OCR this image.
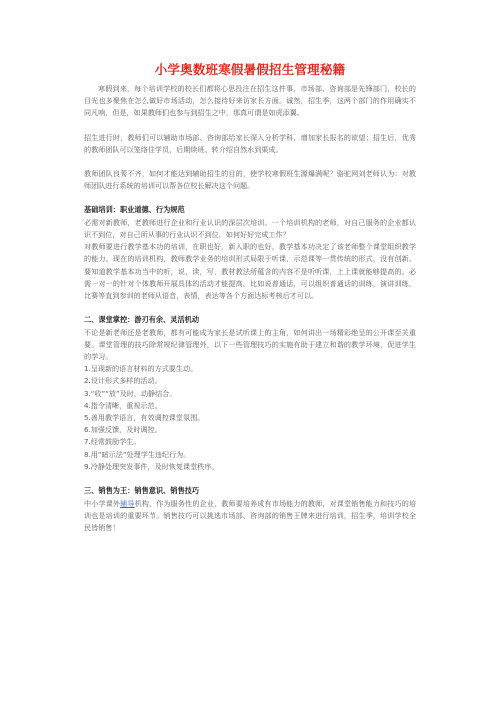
小学奥数班寒假暑假招生管理秘籍

寒假到来，每个培训学校的校长们都将心思投注在招生这件事，市场部、咨询部是先锋部门，校长的目光也多聚焦在怎么做好市场活动，怎么接待好来访家长方面。诚然，招生季，这两个部门的作用确实不同凡响，但是，如果教师们也参与到招生之中，那真可谓是如虎添翼。

招生进行时，教师们可以辅助市场部、咨询部给家长深入分析学科，增加家长报名的欲望；招生后，优秀的教师团队可以笼络住学员，后期续班、转介绍自然水到渠成。

教师团队良莠不齐，如何才能达到辅助招生的目的，使学校寒假班生源爆满呢？骆驼网刘老师认为：对教师团队进行系统的培训可以帮各位校长解决这个问题。

基础培训：职业道德、行为规范

必需对新教师，老教师进行企业和行业认识的深层次培训。一个培训机构的老师，对自己服务的企业都认识不到位，对自己所从事的行业认识不到位，如何好好完成工作？

对教师要进行教学基本功的培训，在职也好，新入职的也好，教学基本功决定了该老师整个课堂组织教学的能力。现在的培训机构，教师教学业务的培训形式局限于听课，示范课等一贯传统的形式，没有创新。要知道教学基本功当中的听，说，读，写，教材教法所蕴含的内容不是听听课，上上课就能够提高的。必需一对一的针对个体教师开展具体的活动才能提高。比如说普通话，可以组织普通话的训练，演讲训练，比赛等直到参训的老师从语音，表情，表达等各个方面达标考核后才可以。

二、课堂掌控：游刃有余、灵活机动

不论是新老师还是老教师，都有可能成为家长是试听课上的主角，如何讲出一场精彩绝呈的公开课至关重要。课堂管理的技巧除常规纪律管理外，以下一些管理技巧的实施有助于建立和谐的教学环境，促进学生的学习。

1.呈现新的语言材料的方式要生动。
2.设计形式多样的活动。
3.“收”“放”及时，动静结合。
4.指令清晰，重视示范。
5.善用教学语言，有效调控课堂氛围。
6.加强反馈，及时调控。
7.经常鼓励学生。
8.用“暗示法”处理学生违纪行为。
9.冷静处理突发事件，及时恢复课堂秩序。
三、销售为王：销售意识、销售技巧

中小学课外辅导机构，作为服务性的企业，教师要培养成有市场能力的教师，对课堂销售能力和技巧的培训也是培训的重要环节。销售技巧可以挑选市场部、咨询部的销售王牌来进行培训，招生季，培训学校全民皆销售！
